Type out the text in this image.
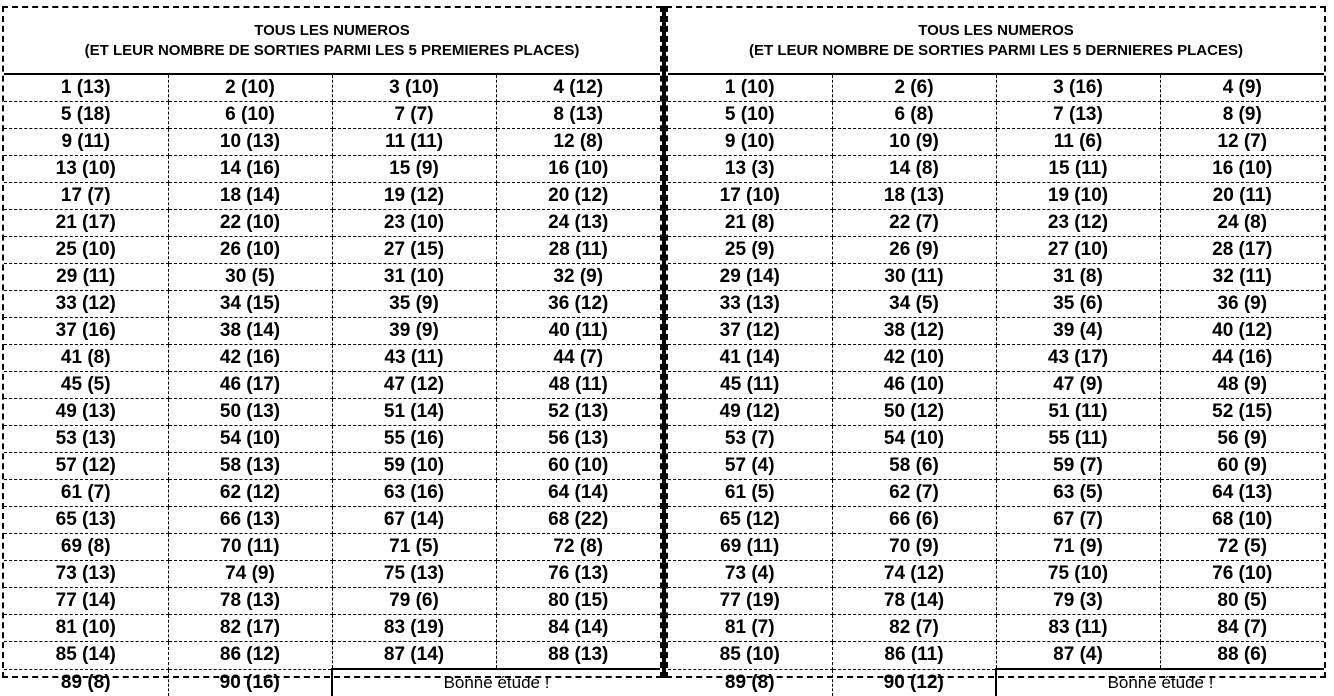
TOUS LES NUMEROS
(ET LEUR NOMBRE DE SORTIES PARMI LES 5 PREMIERES PLACES)
1 (13)	2 (10)	3 (10)	4 (12)
5 (18)	6 (10)	7 (7)	8 (13)
9 (11)	10 (13)	11 (11)	12 (8)
13 (10)	14 (16)	15 (9)	16 (10)
17 (7)	18 (14)	19 (12)	20 (12)
21 (17)	22 (10)	23 (10)	24 (13)
25 (10)	26 (10)	27 (15)	28 (11)
29 (11)	30 (5)	31 (10)	32 (9)
33 (12)	34 (15)	35 (9)	36 (12)
37 (16)	38 (14)	39 (9)	40 (11)
41 (8)	42 (16)	43 (11)	44 (7)
45 (5)	46 (17)	47 (12)	48 (11)
49 (13)	50 (13)	51 (14)	52 (13)
53 (13)	54 (10)	55 (16)	56 (13)
57 (12)	58 (13)	59 (10)	60 (10)
61 (7)	62 (12)	63 (16)	64 (14)
65 (13)	66 (13)	67 (14)	68 (22)
69 (8)	70 (11)	71 (5)	72 (8)
73 (13)	74 (9)	75 (13)	76 (13)
77 (14)	78 (13)	79 (6)	80 (15)
81 (10)	82 (17)	83 (19)	84 (14)
85 (14)	86 (12)	87 (14)	88 (13)
89 (8)	90 (16)	Bonne étude !	
TOUS LES NUMEROS
(ET LEUR NOMBRE DE SORTIES PARMI LES 5 DERNIERES PLACES)
1 (10)	2 (6)	3 (16)	4 (9)
5 (10)	6 (8)	7 (13)	8 (9)
9 (10)	10 (9)	11 (6)	12 (7)
13 (3)	14 (8)	15 (11)	16 (10)
17 (10)	18 (13)	19 (10)	20 (11)
21 (8)	22 (7)	23 (12)	24 (8)
25 (9)	26 (9)	27 (10)	28 (17)
29 (14)	30 (11)	31 (8)	32 (11)
33 (13)	34 (5)	35 (6)	36 (9)
37 (12)	38 (12)	39 (4)	40 (12)
41 (14)	42 (10)	43 (17)	44 (16)
45 (11)	46 (10)	47 (9)	48 (9)
49 (12)	50 (12)	51 (11)	52 (15)
53 (7)	54 (10)	55 (11)	56 (9)
57 (4)	58 (6)	59 (7)	60 (9)
61 (5)	62 (7)	63 (5)	64 (13)
65 (12)	66 (6)	67 (7)	68 (10)
69 (11)	70 (9)	71 (9)	72 (5)
73 (4)	74 (12)	75 (10)	76 (10)
77 (19)	78 (14)	79 (3)	80 (5)
81 (7)	82 (7)	83 (11)	84 (7)
85 (10)	86 (11)	87 (4)	88 (6)
89 (8)	90 (12)	Bonne étude !	
